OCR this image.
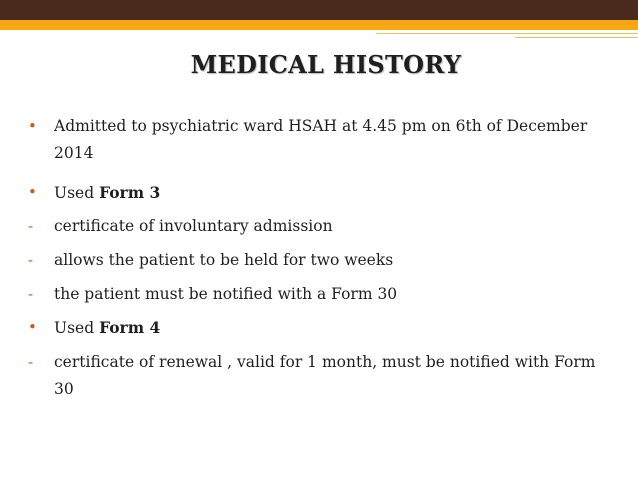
MEDICAL HISTORY
• Admitted to psychiatric ward HSAH at 4.45 pm on 6th of December 2014
• Used Form 3
- certificate of involuntary admission
- allows the patient to be held for two weeks
- the patient must be notified with a Form 30
• Used Form 4
- certificate of renewal , valid for 1 month, must be notified with Form 30
